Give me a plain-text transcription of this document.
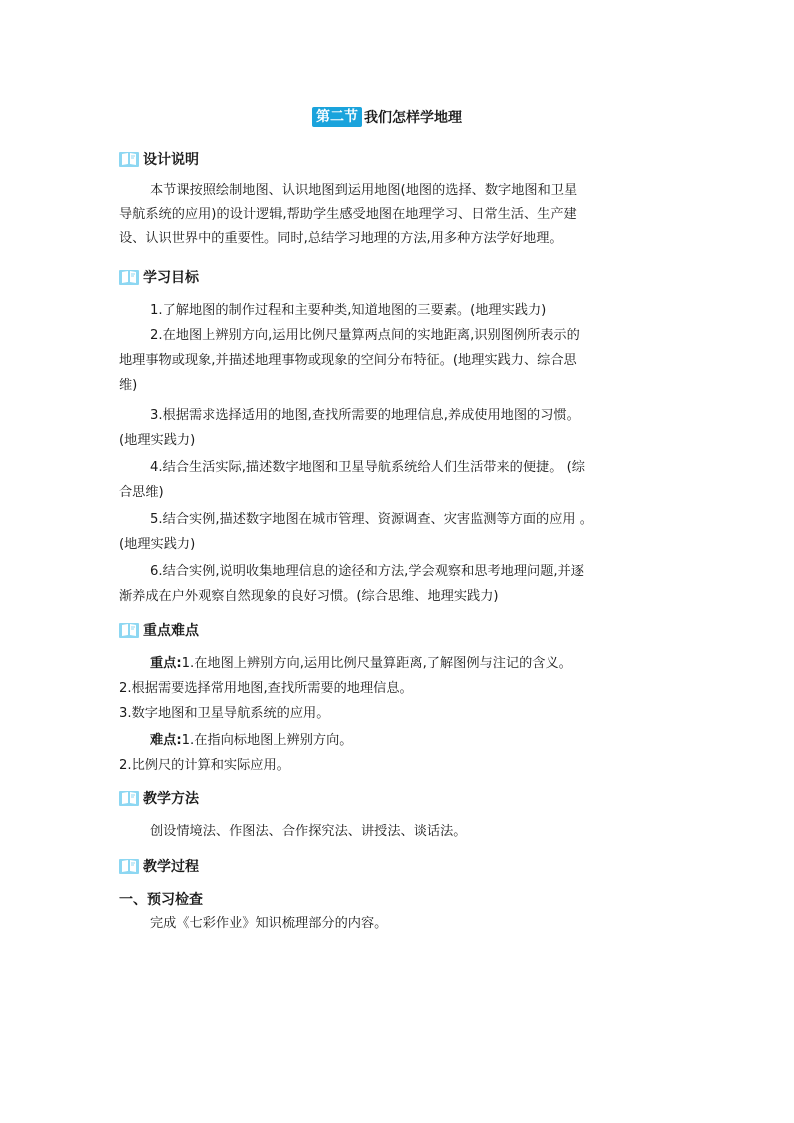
第二节 我们怎样学地理
设计说明
本节课按照绘制地图、认识地图到运用地图(地图的选择、数字地图和卫星
导航系统的应用)的设计逻辑,帮助学生感受地图在地理学习、日常生活、生产建
设、认识世界中的重要性。同时,总结学习地理的方法,用多种方法学好地理。
学习目标
1.了解地图的制作过程和主要种类,知道地图的三要素。(地理实践力)
2.在地图上辨别方向,运用比例尺量算两点间的实地距离,识别图例所表示的
地理事物或现象,并描述地理事物或现象的空间分布特征。(地理实践力、综合思
维)
3.根据需求选择适用的地图,查找所需要的地理信息,养成使用地图的习惯。
(地理实践力)
4.结合生活实际,描述数字地图和卫星导航系统给人们生活带来的便捷。 (综
合思维)
5.结合实例,描述数字地图在城市管理、资源调查、灾害监测等方面的应用 。
(地理实践力)
6.结合实例,说明收集地理信息的途径和方法,学会观察和思考地理问题,并逐
渐养成在户外观察自然现象的良好习惯。(综合思维、地理实践力)
重点难点
重点:1.在地图上辨别方向,运用比例尺量算距离,了解图例与注记的含义。
2.根据需要选择常用地图,查找所需要的地理信息。
3.数字地图和卫星导航系统的应用。
难点:1.在指向标地图上辨别方向。
2.比例尺的计算和实际应用。
教学方法
创设情境法、作图法、合作探究法、讲授法、谈话法。
教学过程
一、预习检查
完成《七彩作业》知识梳理部分的内容。
